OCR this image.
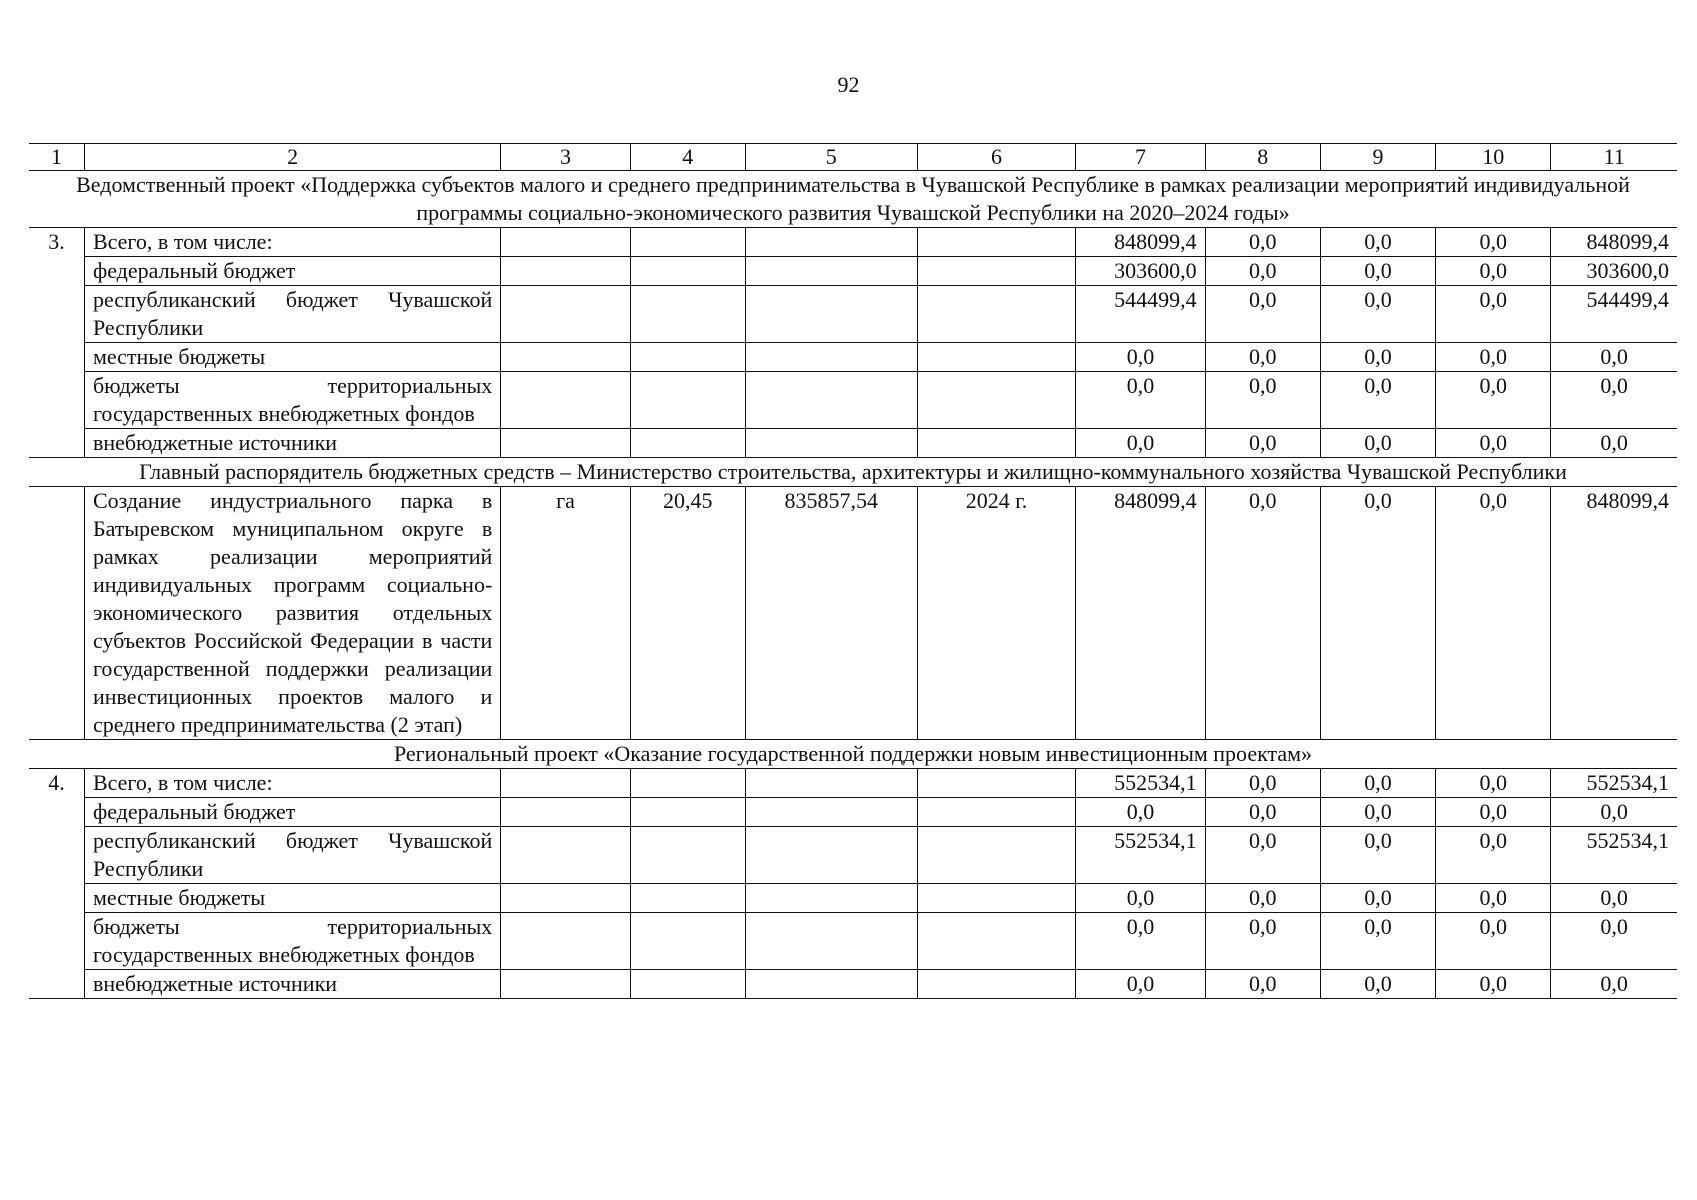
92
1	2	3	4	5	6	7	8	9	10	11
Ведомственный проект «Поддержка субъектов малого и среднего предпринимательства в Чувашской Республике в рамках реализации мероприятий индивидуальной программы социально-экономического развития Чувашской Республики на 2020–2024 годы»										
3.	Всего, в том числе:					848099,4	0,0	0,0	0,0	848099,4
	федеральный бюджет					303600,0	0,0	0,0	0,0	303600,0
	республиканский бюджет Чувашской Республики					544499,4	0,0	0,0	0,0	544499,4
	местные бюджеты					0,0	0,0	0,0	0,0	0,0
	бюджеты территориальных государственных внебюджетных фондов					0,0	0,0	0,0	0,0	0,0
	внебюджетные источники					0,0	0,0	0,0	0,0	0,0
Главный распорядитель бюджетных средств – Министерство строительства, архитектуры и жилищно-коммунального хозяйства Чувашской Республики										
	Создание индустриального парка в Батыревском муниципальном округе в рамках реализации мероприятий индивидуальных программ социально-экономического развития отдельных субъектов Российской Федерации в части государственной поддержки реализации инвестиционных проектов малого и среднего предпринимательства (2 этап)	га	20,45	835857,54	2024 г.	848099,4	0,0	0,0	0,0	848099,4
Региональный проект «Оказание государственной поддержки новым инвестиционным проектам»										
4.	Всего, в том числе:					552534,1	0,0	0,0	0,0	552534,1
	федеральный бюджет					0,0	0,0	0,0	0,0	0,0
	республиканский бюджет Чувашской Республики					552534,1	0,0	0,0	0,0	552534,1
	местные бюджеты					0,0	0,0	0,0	0,0	0,0
	бюджеты территориальных государственных внебюджетных фондов					0,0	0,0	0,0	0,0	0,0
	внебюджетные источники					0,0	0,0	0,0	0,0	0,0
